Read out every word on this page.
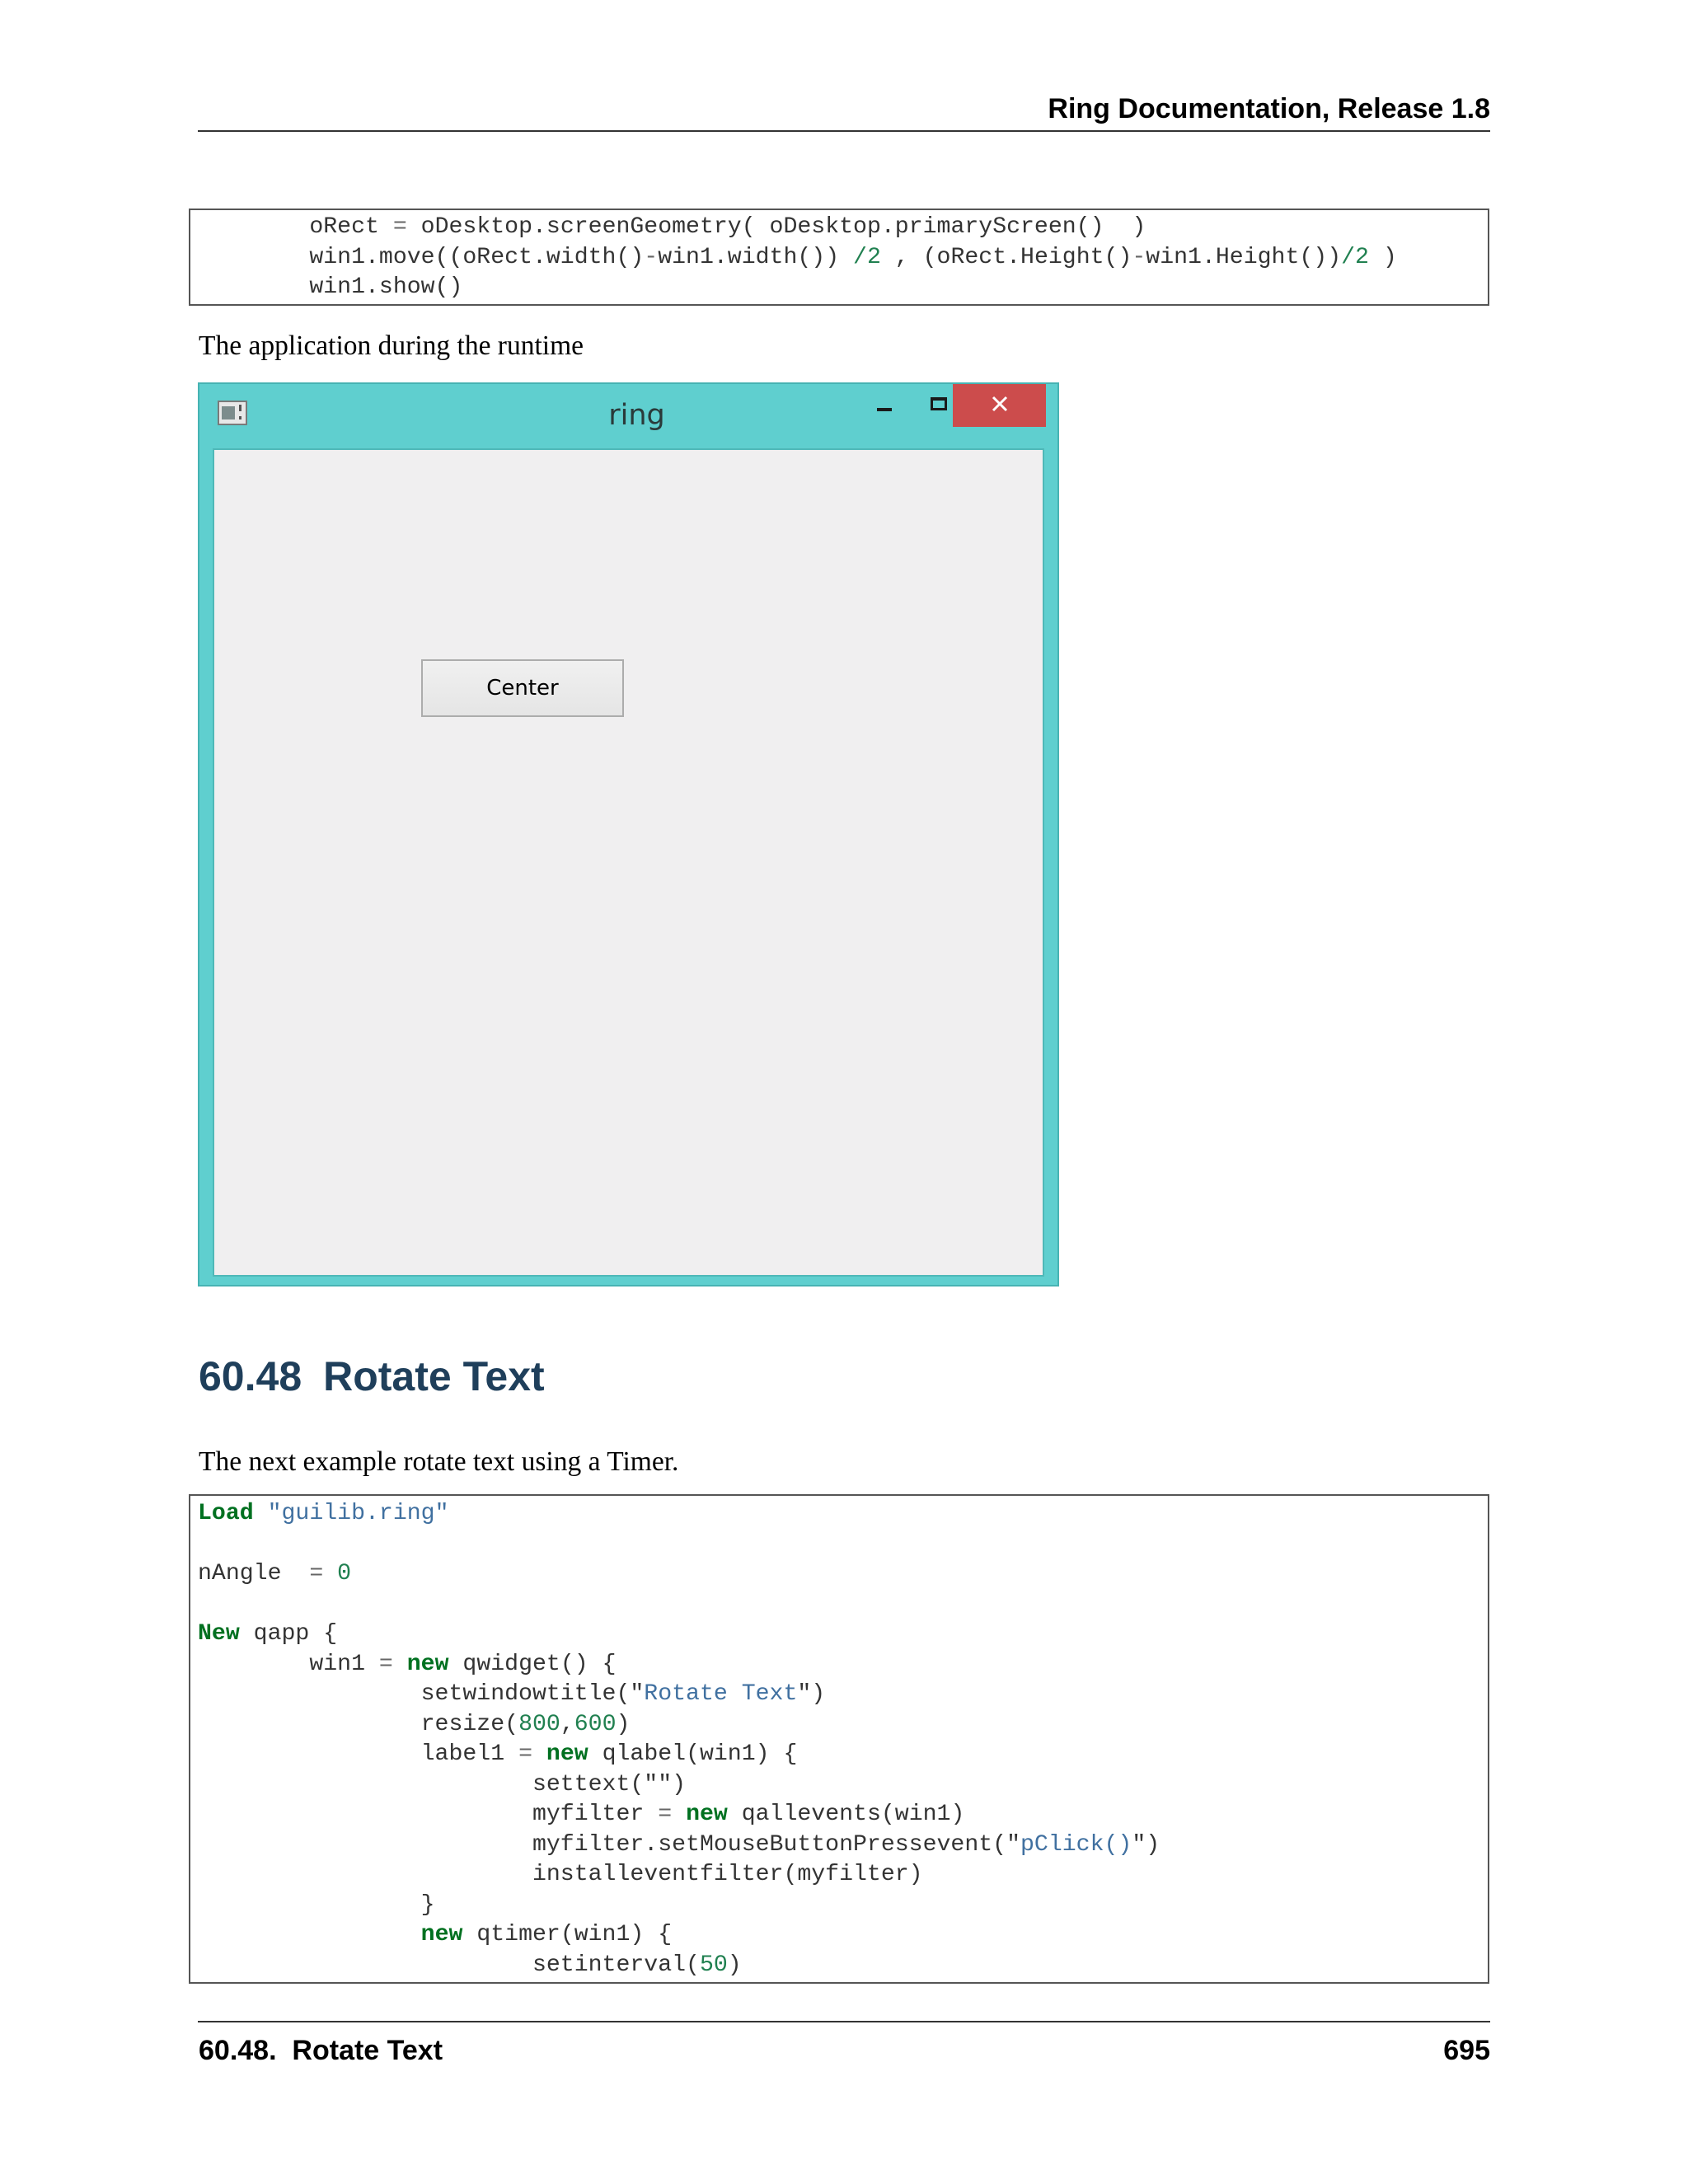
Ring Documentation, Release 1.8
oRect = oDesktop.screenGeometry( oDesktop.primaryScreen()  )
win1.move((oRect.width()-win1.width()) /2 , (oRect.Height()-win1.Height())/2 )
win1.show()
The application during the runtime
ring
Center
60.48 Rotate Text
The next example rotate text using a Timer.
Load "guilib.ring"

nAngle  = 0

New qapp {
win1 = new qwidget() {
setwindowtitle("Rotate Text")
resize(800,600)
label1 = new qlabel(win1) {
settext("")
myfilter = new qallevents(win1)
myfilter.setMouseButtonPressevent("pClick()")
installeventfilter(myfilter)
}
new qtimer(win1) {
setinterval(50)
60.48.  Rotate Text	695
